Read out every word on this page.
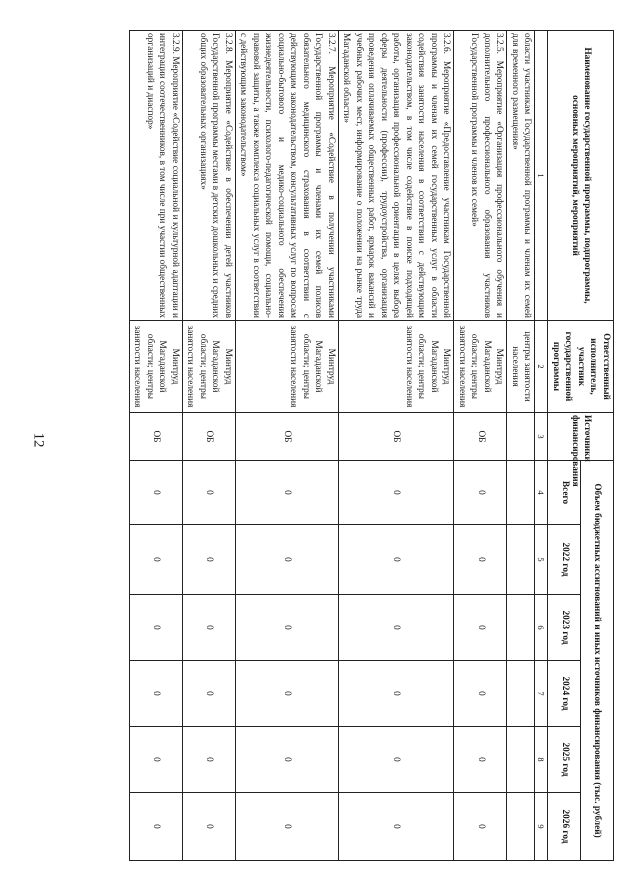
12
Наименование государственной программы, подпрограммы, основных мероприятий, мероприятий	Ответственный исполнитель, участник государственной программы	Источники финансирования	Объем бюджетных ассигнований и иных источников финансирования (тыс. рублей)					
			Всего	2022 год	2023 год	2024 год	2025 год	2026 год
1	2	3	4	5	6	7	8	9
области участникам Государственной программы и членам их семей для временного размещения»	центры занятости населения							
3.2.5. Мероприятие «Организация профессионального обучения и дополнительного профессионального образования участников Государственной программы и членов их семей»	Минтруд Магаданской области; центры занятости населения	ОБ	0	0	0	0	0	0
3.2.6. Мероприятие «Предоставление участникам Государственной программы и членам их семей государственных услуг в области содействия занятости населения в соответствии с действующим законодательством, в том числе содействие в поиске подходящей работы, организация профессиональной ориентации в целях выбора сферы деятельности (профессии), трудоустройства, организация проведения оплачиваемых общественных работ, ярмарок вакансий и учебных рабочих мест, информирование о положении на рынке труда Магаданской области»	Минтруд Магаданской области; центры занятости населения	ОБ	0	0	0	0	0	0
3.2.7. Мероприятие «Содействие в получении участниками Государственной программы и членами их семей полисов обязательного медицинского страхования в соответствии с действующим законодательством, консультативных услуг по вопросам социально-бытового и медико-социального обеспечения жизнедеятельности, психолого-педагогической помощи, социально-правовой защиты, а также комплекса социальных услуг в соответствии с действующим законодательством»	Минтруд Магаданской области; центры занятости населения	ОБ	0	0	0	0	0	0
3.2.8. Мероприятие «Содействие в обеспечении детей участников Государственной программы местами в детских дошкольных и средних общих образовательных организациях»	Минтруд Магаданской области; центры занятости населения	ОБ	0	0	0	0	0	0
3.2.9. Мероприятие «Содействие социальной и культурной адаптации и интеграции соотечественников, в том числе при участии общественных организаций и диаспор»	Минтруд Магаданской области; центры занятости населения	ОБ	0	0	0	0	0	0
